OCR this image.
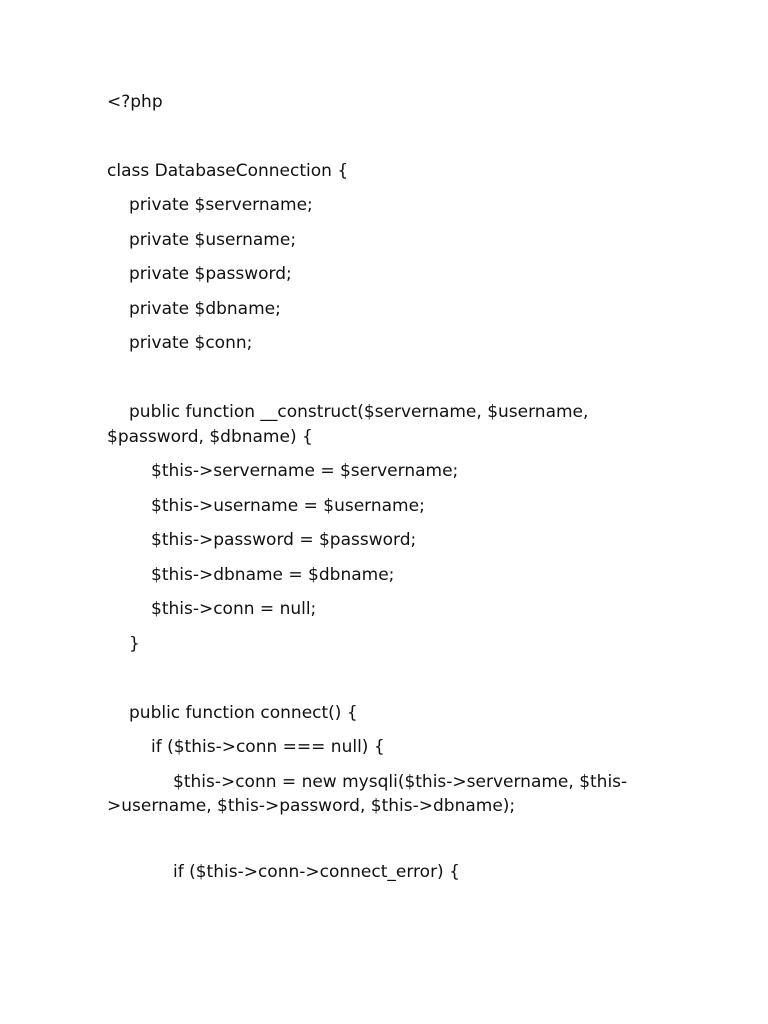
<?php
class DatabaseConnection {
private $servername;
private $username;
private $password;
private $dbname;
private $conn;
public function __construct($servername, $username,
$password, $dbname) {
$this->servername = $servername;
$this->username = $username;
$this->password = $password;
$this->dbname = $dbname;
$this->conn = null;
}
public function connect() {
if ($this->conn === null) {
$this->conn = new mysqli($this->servername, $this-
>username, $this->password, $this->dbname);
if ($this->conn->connect_error) {
